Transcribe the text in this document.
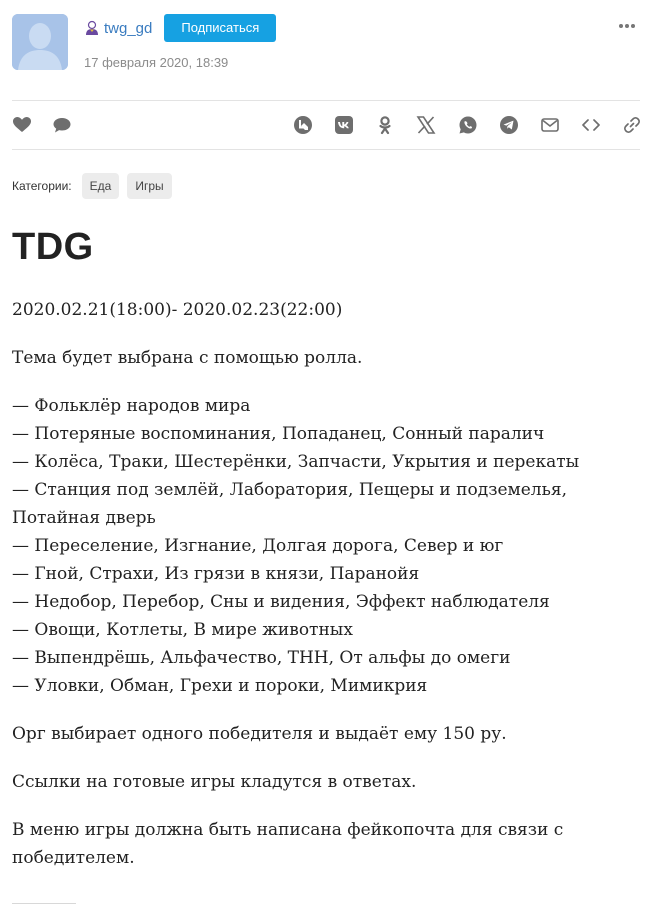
twg_gd	Подписаться
17 февраля 2020, 18:39
Категории:	Еда	Игры
TDG

2020.02.21(18:00)- 2020.02.23(22:00)

Тема будет выбрана с помощью ролла.

— Фольклёр народов мира
— Потеряные воспоминания, Попаданец, Сонный паралич
— Колёса, Траки, Шестерёнки, Запчасти, Укрытия и перекаты
— Станция под землёй, Лаборатория, Пещеры и подземелья, Потайная дверь
— Переселение, Изгнание, Долгая дорога, Север и юг
— Гной, Страхи, Из грязи в князи, Паранойя
— Недобор, Перебор, Сны и видения, Эффект наблюдателя
— Овощи, Котлеты, В мире животных
— Выпендрёшь, Альфачество, ТНН, От альфы до омеги
— Уловки, Обман, Грехи и пороки, Мимикрия

Орг выбирает одного победителя и выдаёт ему 150 ру.

Ссылки на готовые игры кладутся в ответах.

В меню игры должна быть написана фейкопочта для связи с победителем.
